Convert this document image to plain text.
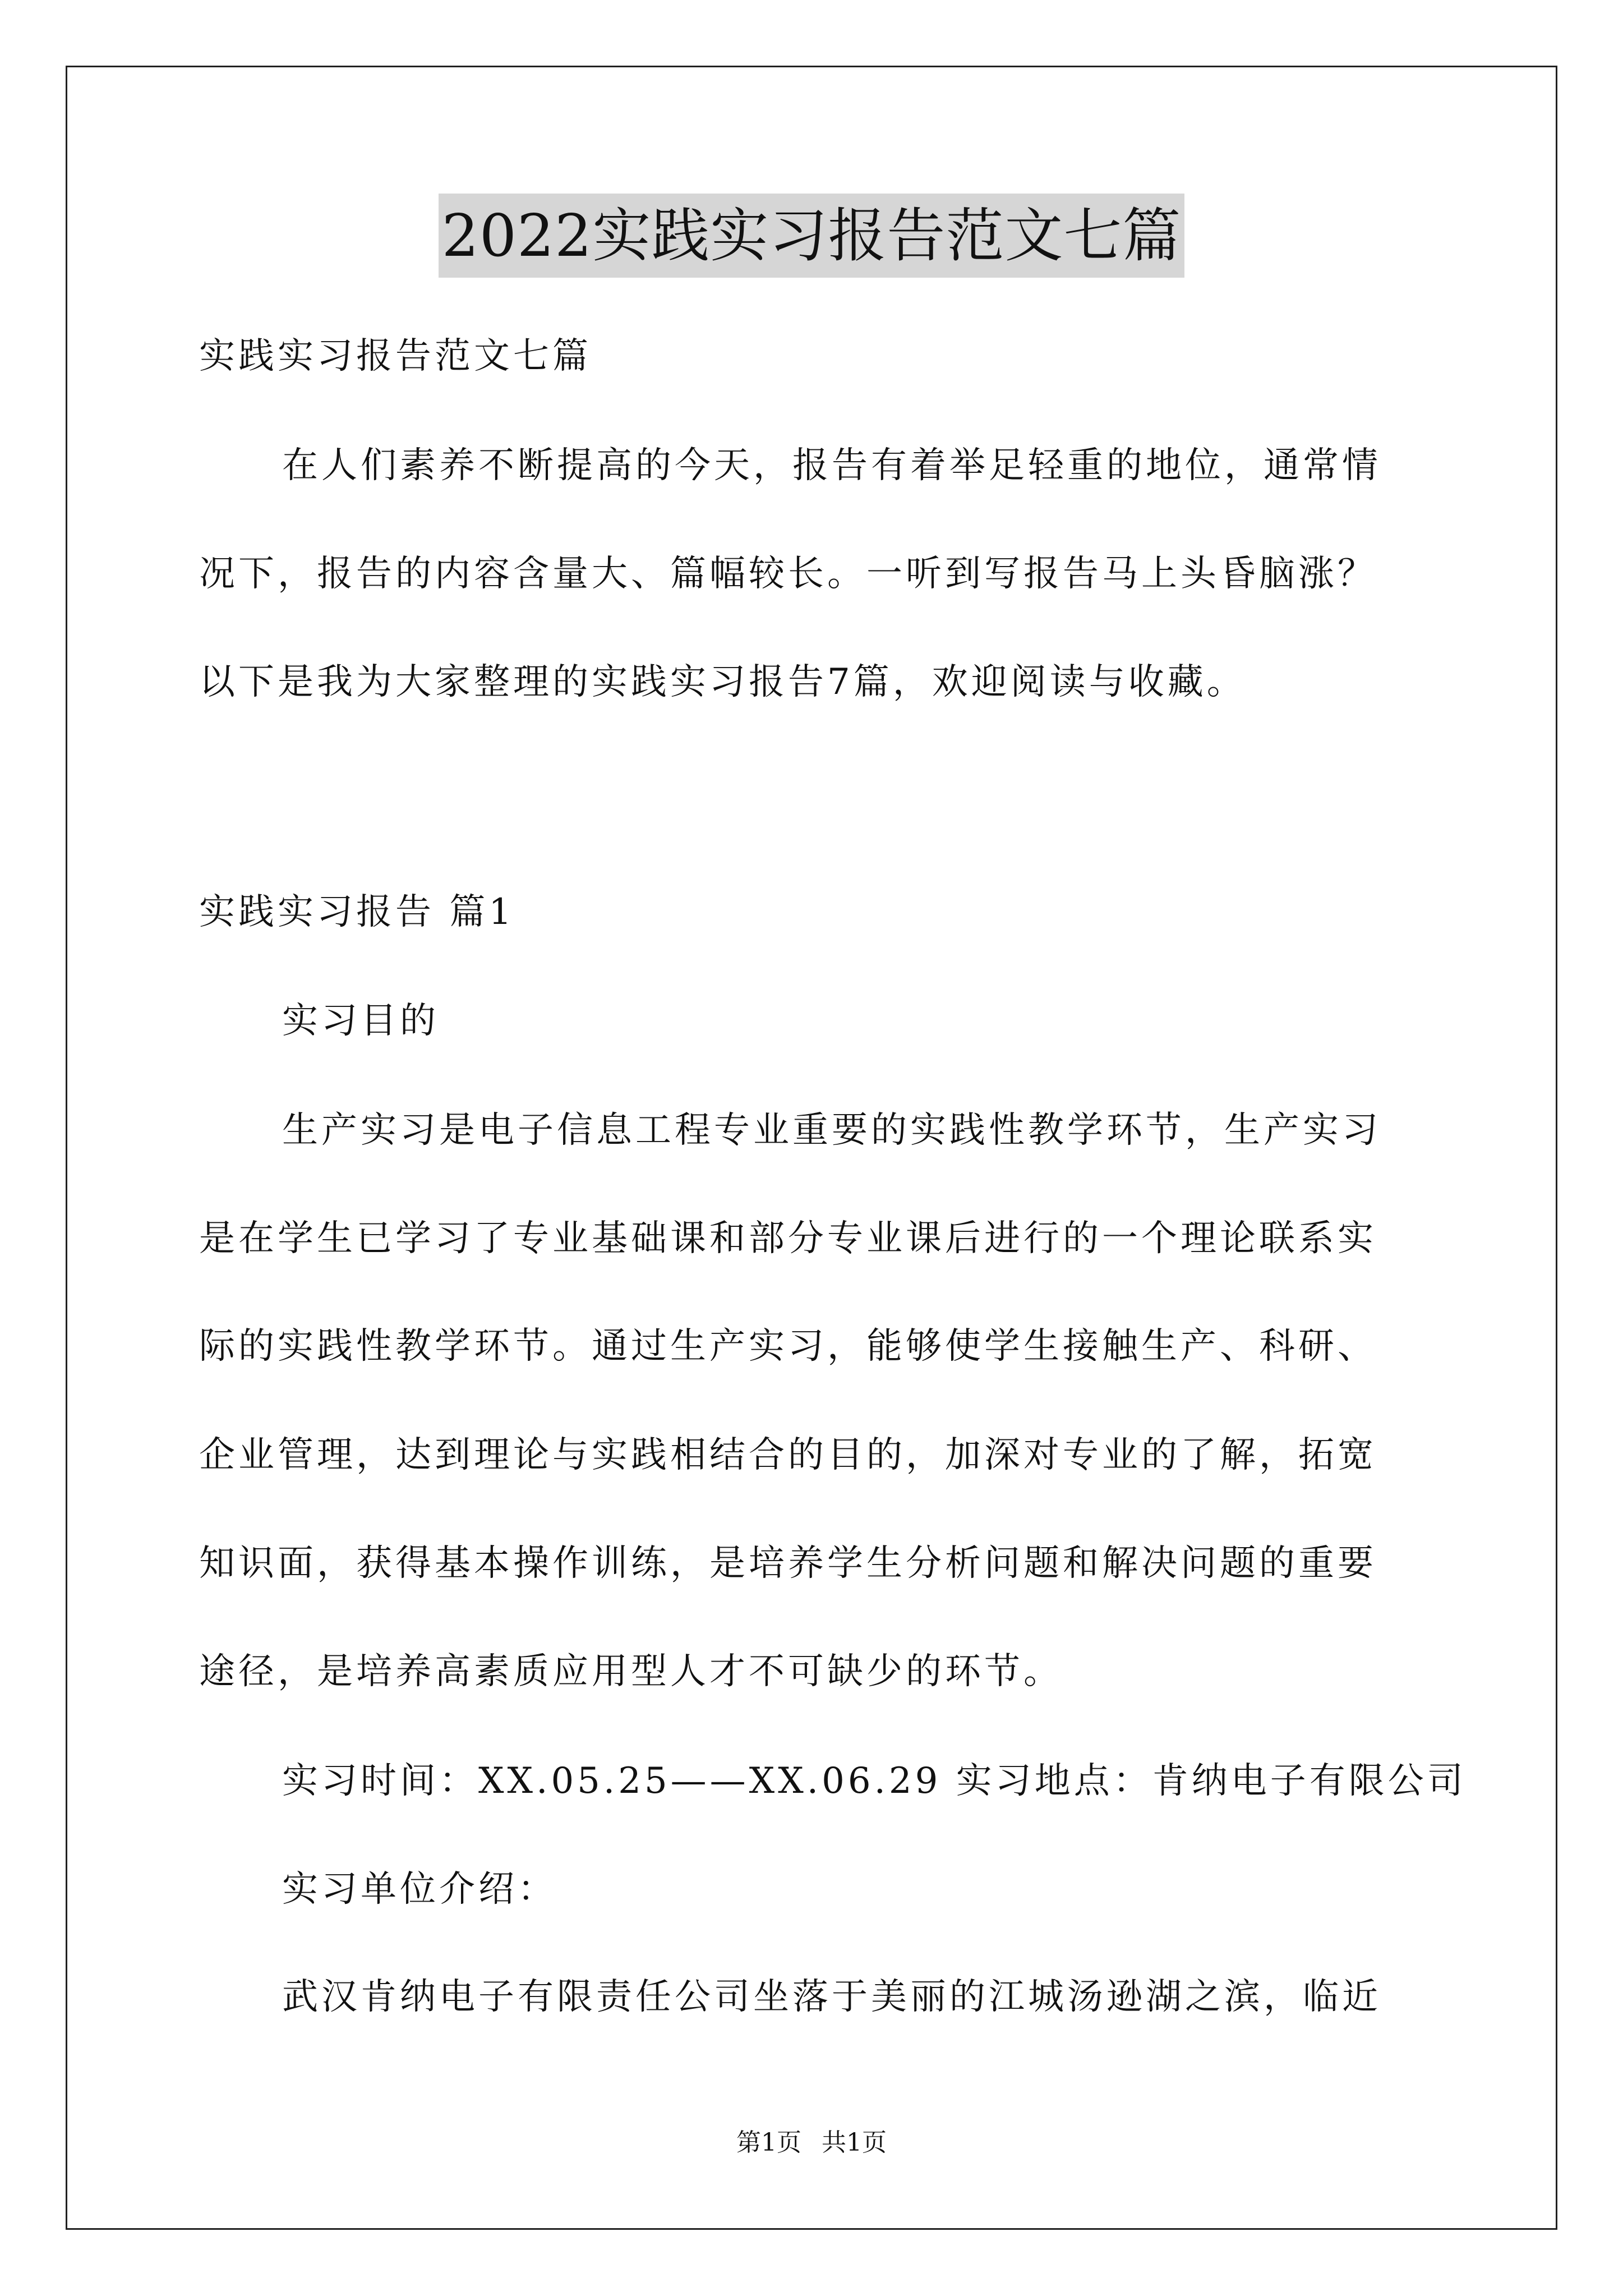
2022实践实习报告范文七篇
实践实习报告范文七篇
在人们素养不断提高的今天，报告有着举足轻重的地位，通常情
况下，报告的内容含量大、篇幅较长。一听到写报告马上头昏脑涨？
以下是我为大家整理的实践实习报告7篇，欢迎阅读与收藏。
实践实习报告 篇1
实习目的
生产实习是电子信息工程专业重要的实践性教学环节，生产实习
是在学生已学习了专业基础课和部分专业课后进行的一个理论联系实
际的实践性教学环节。通过生产实习，能够使学生接触生产、科研、
企业管理，达到理论与实践相结合的目的，加深对专业的了解，拓宽
知识面，获得基本操作训练，是培养学生分析问题和解决问题的重要
途径，是培养高素质应用型人才不可缺少的环节。
实习时间：XX.05.25——XX.06.29 实习地点：肯纳电子有限公司
实习单位介绍：
武汉肯纳电子有限责任公司坐落于美丽的江城汤逊湖之滨，临近
第1页 共1页
